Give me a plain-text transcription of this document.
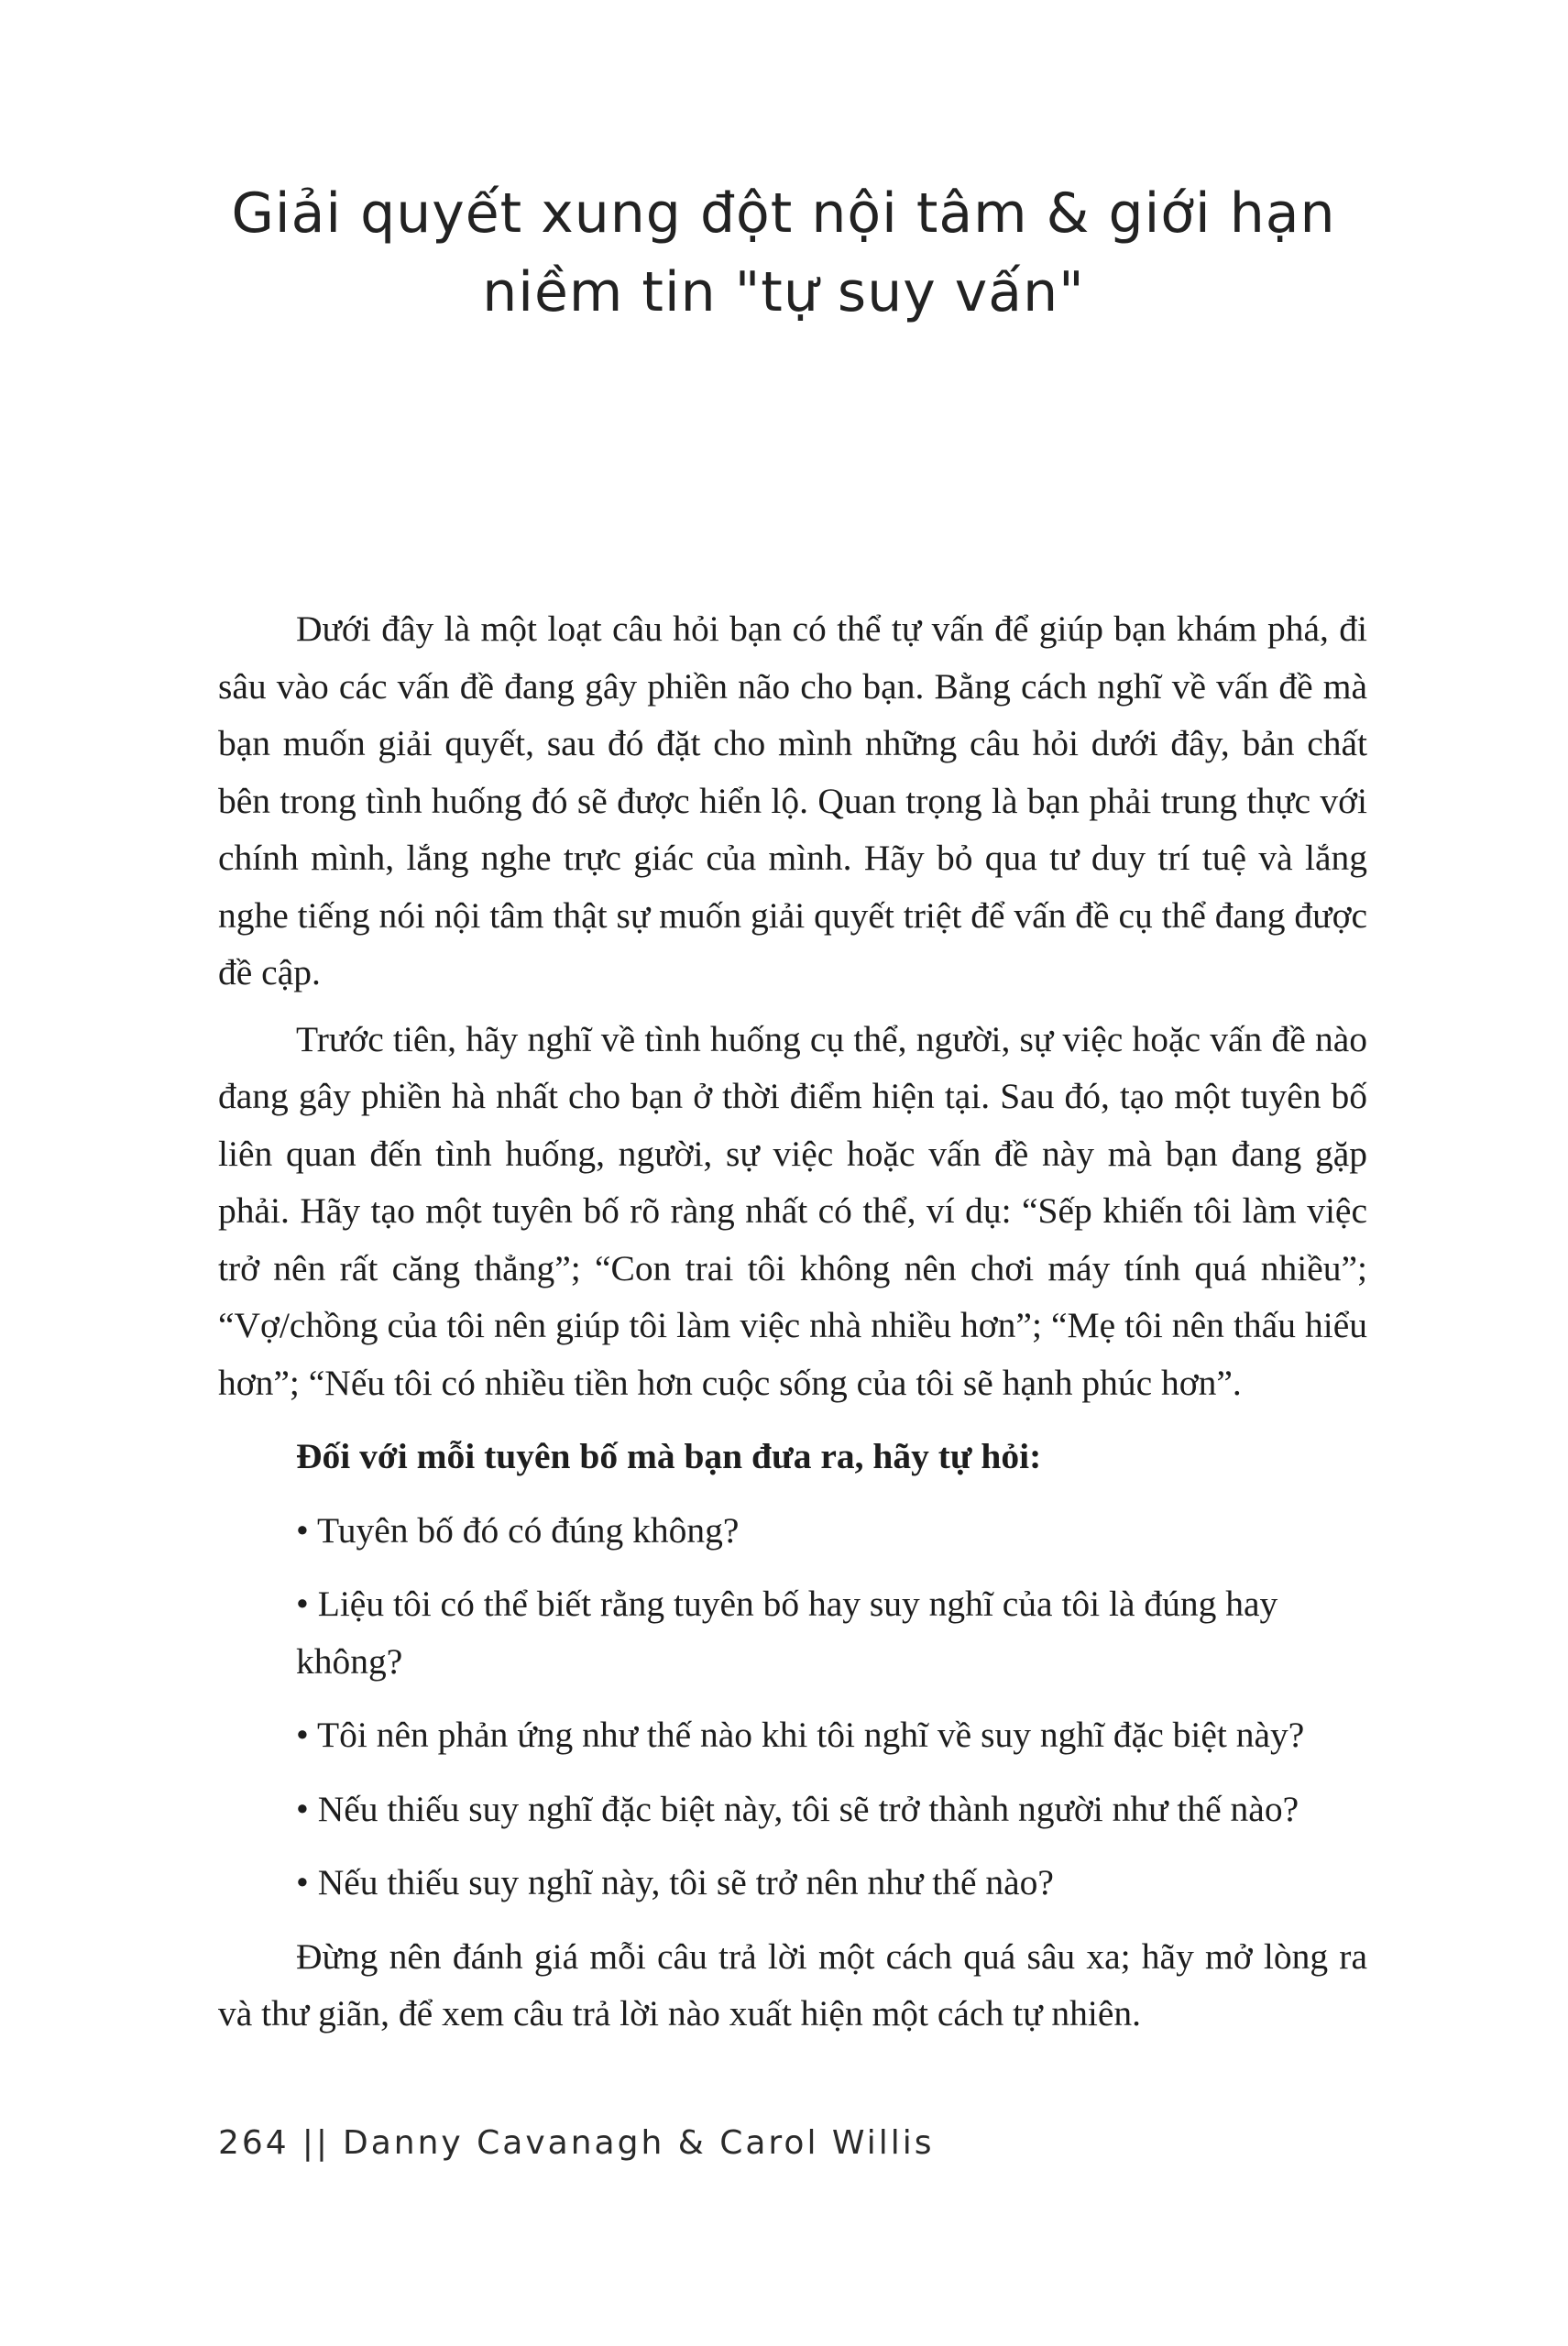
Giải quyết xung đột nội tâm & giới hạn
niềm tin "tự suy vấn"

Dưới đây là một loạt câu hỏi bạn có thể tự vấn để giúp bạn khám phá, đi sâu vào các vấn đề đang gây phiền não cho bạn. Bằng cách nghĩ về vấn đề mà bạn muốn giải quyết, sau đó đặt cho mình những câu hỏi dưới đây, bản chất bên trong tình huống đó sẽ được hiển lộ. Quan trọng là bạn phải trung thực với chính mình, lắng nghe trực giác của mình. Hãy bỏ qua tư duy trí tuệ và lắng nghe tiếng nói nội tâm thật sự muốn giải quyết triệt để vấn đề cụ thể đang được đề cập.

Trước tiên, hãy nghĩ về tình huống cụ thể, người, sự việc hoặc vấn đề nào đang gây phiền hà nhất cho bạn ở thời điểm hiện tại. Sau đó, tạo một tuyên bố liên quan đến tình huống, người, sự việc hoặc vấn đề này mà bạn đang gặp phải. Hãy tạo một tuyên bố rõ ràng nhất có thể, ví dụ: “Sếp khiến tôi làm việc trở nên rất căng thẳng”; “Con trai tôi không nên chơi máy tính quá nhiều”; “Vợ/chồng của tôi nên giúp tôi làm việc nhà nhiều hơn”; “Mẹ tôi nên thấu hiểu hơn”; “Nếu tôi có nhiều tiền hơn cuộc sống của tôi sẽ hạnh phúc hơn”.

Đối với mỗi tuyên bố mà bạn đưa ra, hãy tự hỏi:

• Tuyên bố đó có đúng không?

• Liệu tôi có thể biết rằng tuyên bố hay suy nghĩ của tôi là đúng hay không?

• Tôi nên phản ứng như thế nào khi tôi nghĩ về suy nghĩ đặc biệt này?

• Nếu thiếu suy nghĩ đặc biệt này, tôi sẽ trở thành người như thế nào?

• Nếu thiếu suy nghĩ này, tôi sẽ trở nên như thế nào?

Đừng nên đánh giá mỗi câu trả lời một cách quá sâu xa; hãy mở lòng ra và thư giãn, để xem câu trả lời nào xuất hiện một cách tự nhiên.

264 || Danny Cavanagh & Carol Willis
